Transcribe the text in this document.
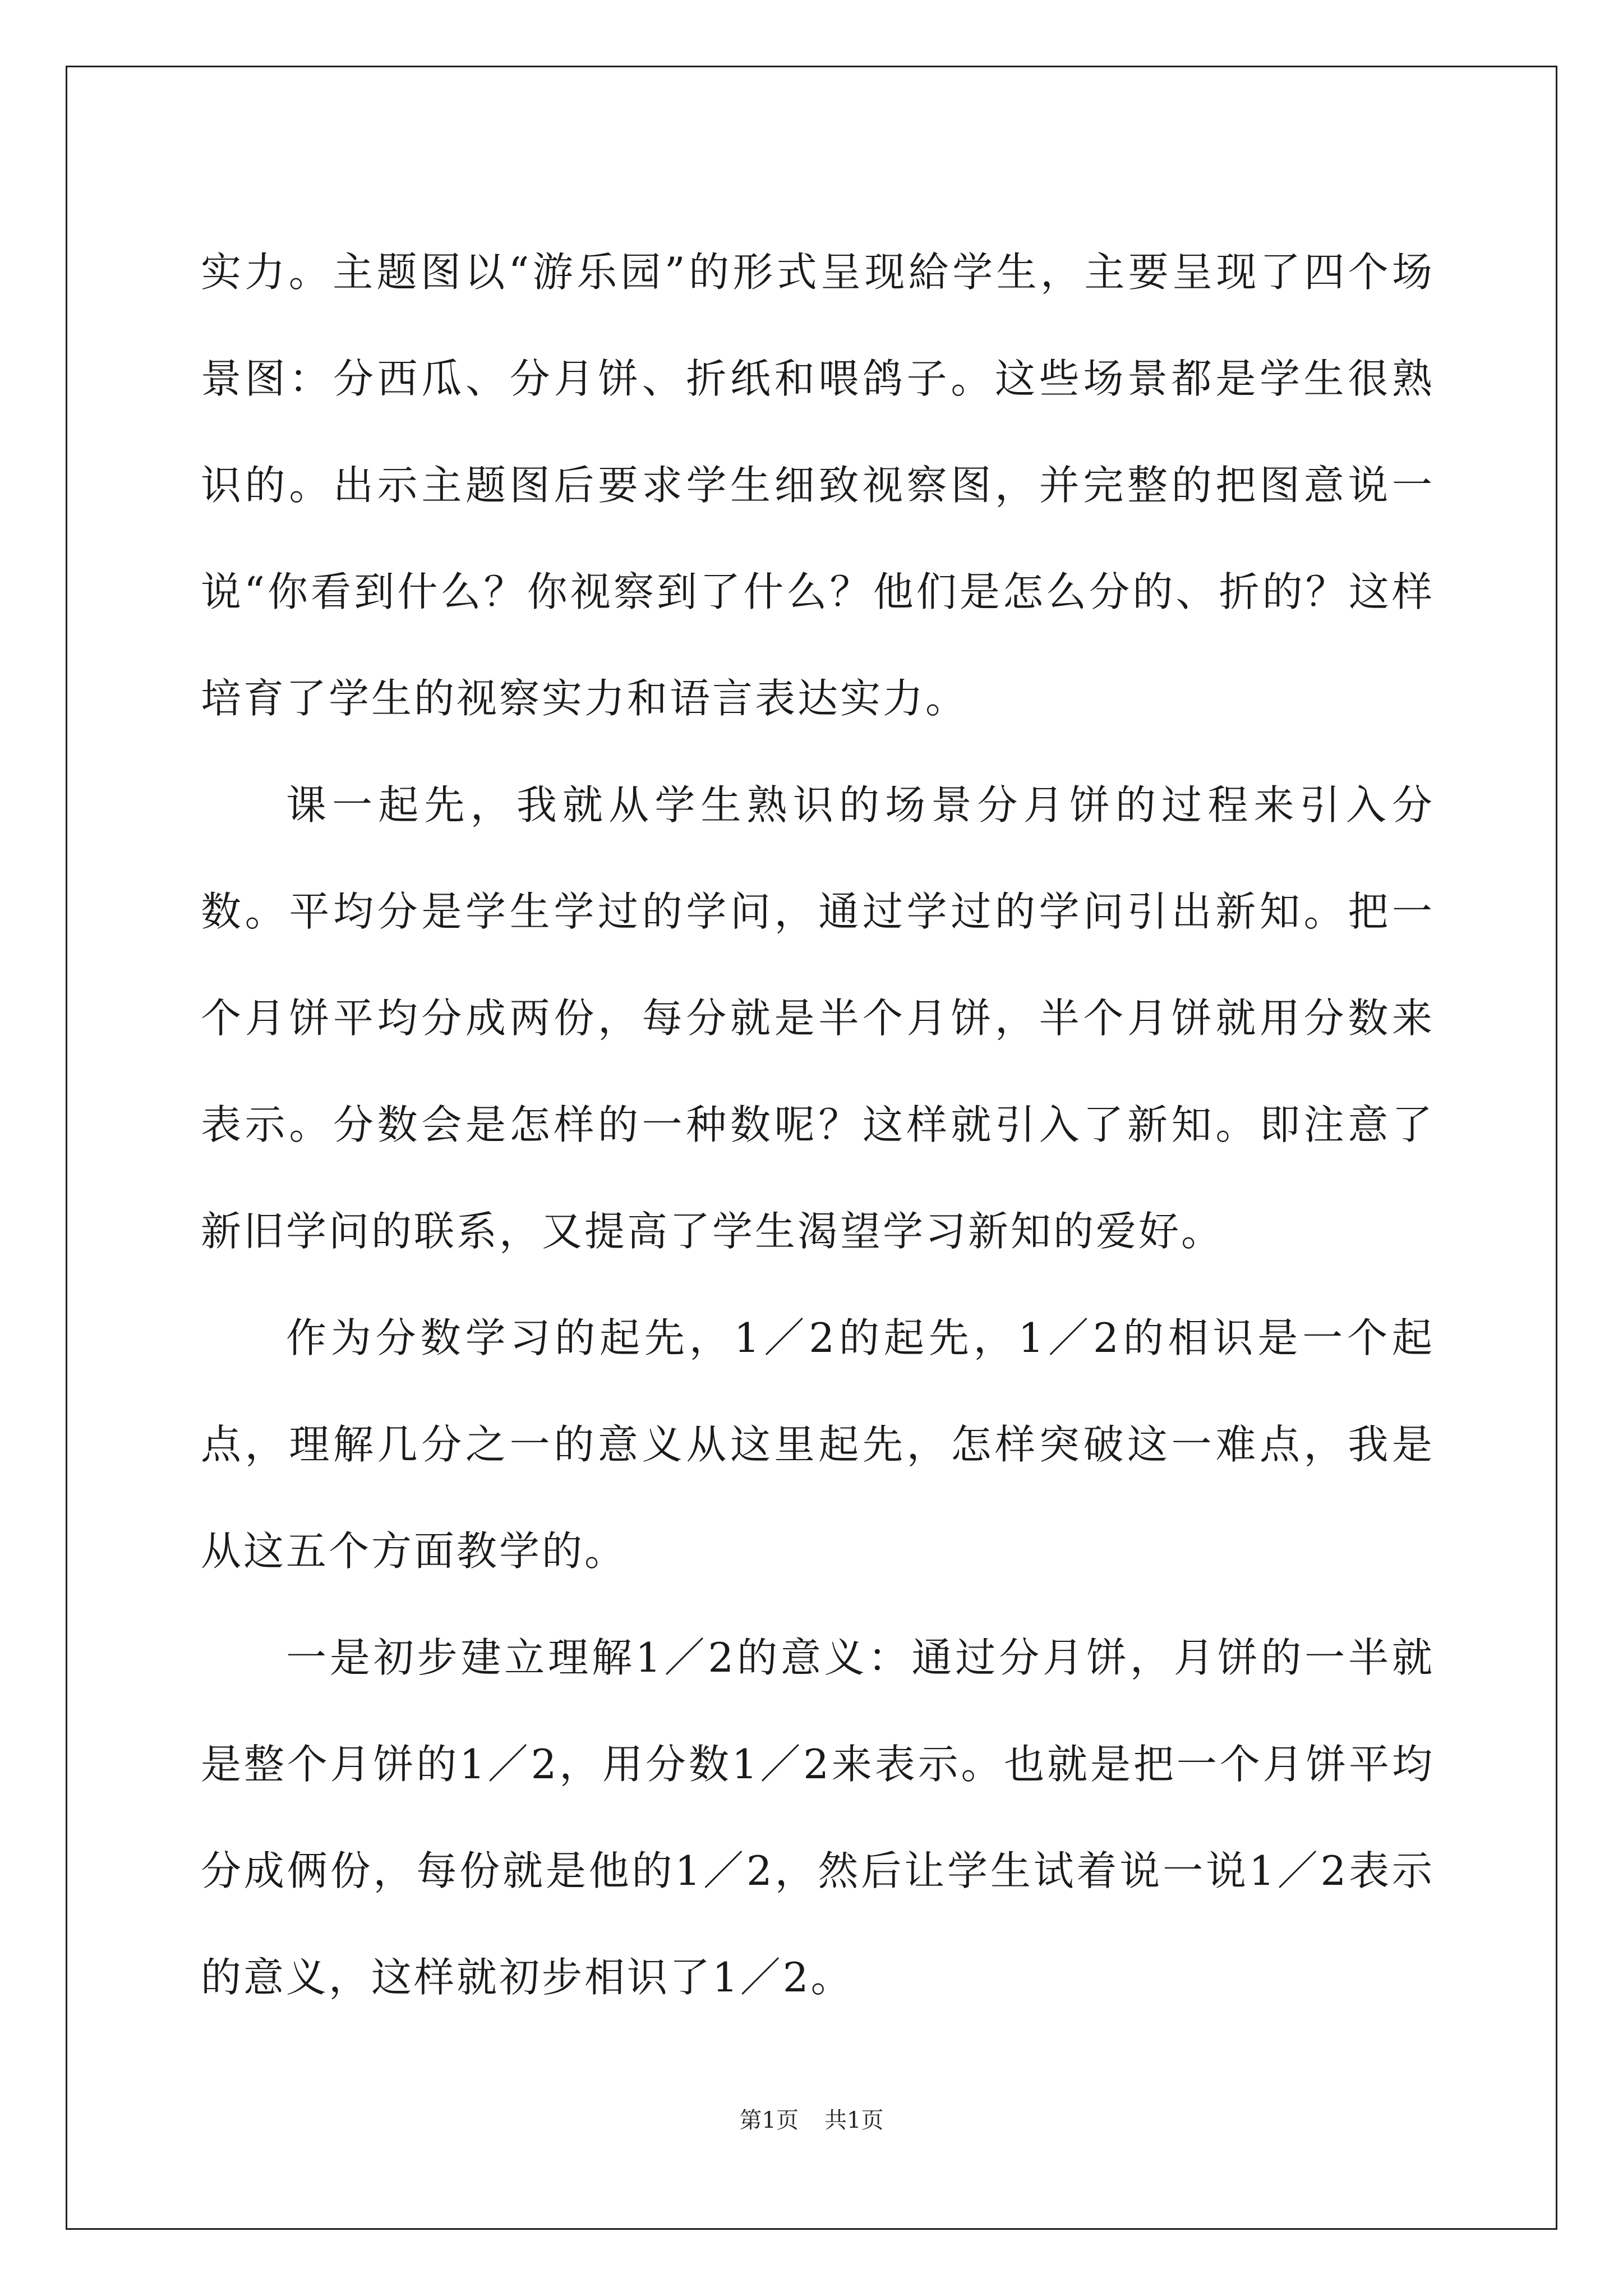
实力。主题图以“游乐园”的形式呈现給学生，主要呈现了四个场景图：分西瓜、分月饼、折纸和喂鸽子。这些场景都是学生很熟识的。出示主题图后要求学生细致视察图，并完整的把图意说一说“你看到什么？你视察到了什么？他们是怎么分的、折的？这样培育了学生的视察实力和语言表达实力。

课一起先，我就从学生熟识的场景分月饼的过程来引入分数。平均分是学生学过的学问，通过学过的学问引出新知。把一个月饼平均分成两份，每分就是半个月饼，半个月饼就用分数来表示。分数会是怎样的一种数呢？这样就引入了新知。即注意了新旧学问的联系，又提高了学生渴望学习新知的爱好。

作为分数学习的起先，1／2的起先，1／2的相识是一个起点，理解几分之一的意义从这里起先，怎样突破这一难点，我是从这五个方面教学的。

一是初步建立理解1／2的意义：通过分月饼，月饼的一半就是整个月饼的1／2，用分数1／2来表示。也就是把一个月饼平均分成俩份，每份就是他的1／2，然后让学生试着说一说1／2表示的意义，这样就初步相识了1／2。

第1页 共1页
